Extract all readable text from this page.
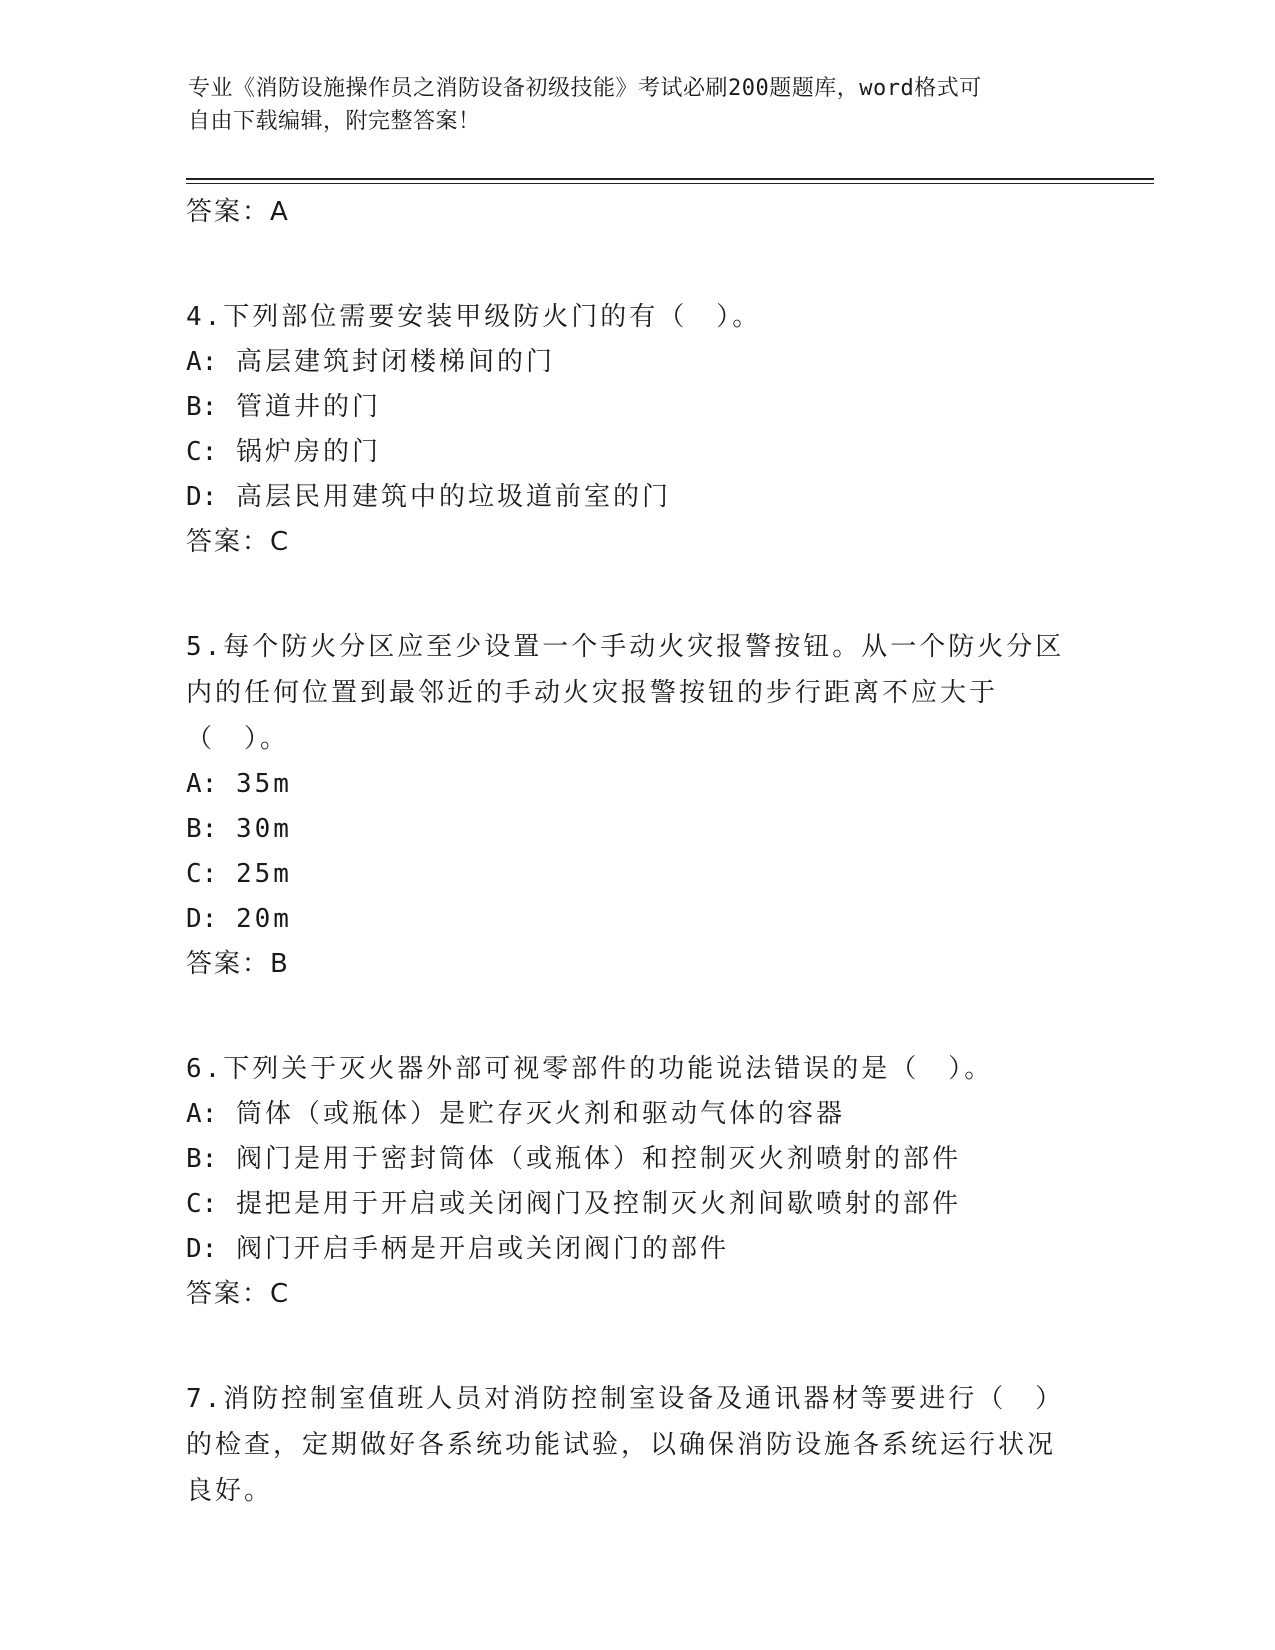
专业《消防设施操作员之消防设备初级技能》考试必刷200题题库，word格式可
自由下载编辑，附完整答案！

答案：A

4.下列部位需要安装甲级防火门的有（　）。

A: 高层建筑封闭楼梯间的门

B: 管道井的门

C: 锅炉房的门

D: 高层民用建筑中的垃圾道前室的门

答案：C

5.每个防火分区应至少设置一个手动火灾报警按钮。从一个防火分区内的任何位置到最邻近的手动火灾报警按钮的步行距离不应大于（　）。

A: 35m

B: 30m

C: 25m

D: 20m

答案：B

6.下列关于灭火器外部可视零部件的功能说法错误的是（　）。

A: 筒体（或瓶体）是贮存灭火剂和驱动气体的容器

B: 阀门是用于密封筒体（或瓶体）和控制灭火剂喷射的部件

C: 提把是用于开启或关闭阀门及控制灭火剂间歇喷射的部件

D: 阀门开启手柄是开启或关闭阀门的部件

答案：C

7.消防控制室值班人员对消防控制室设备及通讯器材等要进行（　）的检查，定期做好各系统功能试验，以确保消防设施各系统运行状况良好。
